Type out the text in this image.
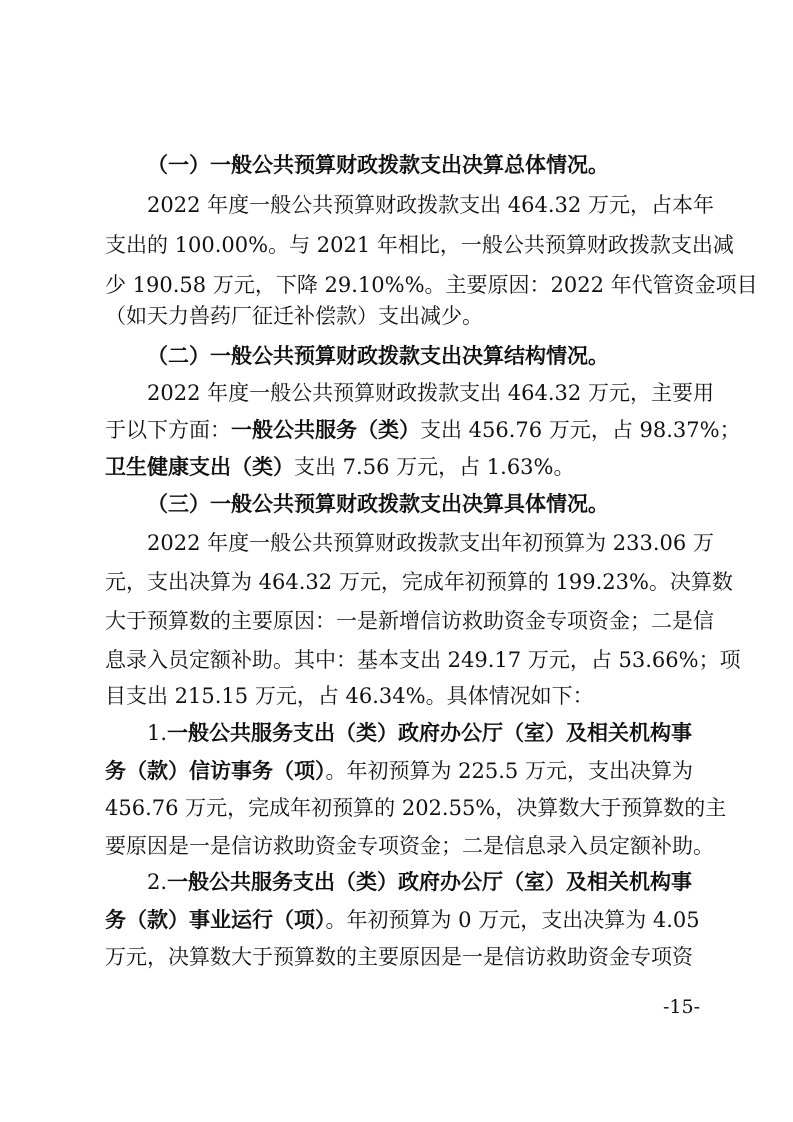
（一）一般公共预算财政拨款支出决算总体情况。
2022 年度一般公共预算财政拨款支出 464.32 万元，占本年
支出的 100.00%。与 2021 年相比，一般公共预算财政拨款支出减
少 190.58 万元，下降 29.10%%。主要原因：2022 年代管资金项目
（如天力兽药厂征迁补偿款）支出减少。
（二）一般公共预算财政拨款支出决算结构情况。
2022 年度一般公共预算财政拨款支出 464.32 万元，主要用
于以下方面：一般公共服务（类）支出 456.76 万元，占 98.37%；
卫生健康支出（类）支出 7.56 万元，占 1.63%。
（三）一般公共预算财政拨款支出决算具体情况。
2022 年度一般公共预算财政拨款支出年初预算为 233.06 万
元，支出决算为 464.32 万元，完成年初预算的 199.23%。决算数
大于预算数的主要原因：一是新增信访救助资金专项资金；二是信
息录入员定额补助。其中：基本支出 249.17 万元，占 53.66%；项
目支出 215.15 万元，占 46.34%。具体情况如下：
1.一般公共服务支出（类）政府办公厅（室）及相关机构事
务（款）信访事务（项）。年初预算为 225.5 万元，支出决算为
456.76 万元，完成年初预算的 202.55%，决算数大于预算数的主
要原因是一是信访救助资金专项资金；二是信息录入员定额补助。
2.一般公共服务支出（类）政府办公厅（室）及相关机构事
务（款）事业运行（项）。年初预算为 0 万元，支出决算为 4.05
万元，决算数大于预算数的主要原因是一是信访救助资金专项资
-15-
